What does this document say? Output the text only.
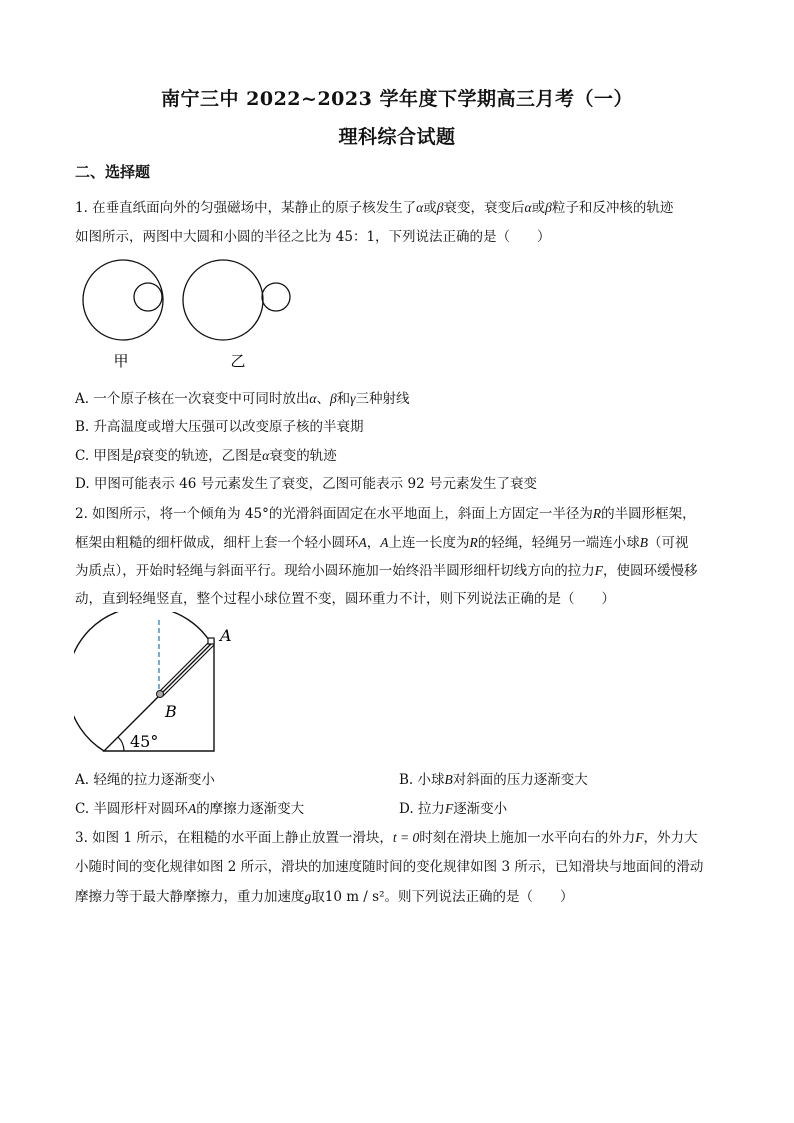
南宁三中 2022~2023 学年度下学期高三月考（一）
理科综合试题
二、选择题
1. 在垂直纸面向外的匀强磁场中，某静止的原子核发生了α或β衰变，衰变后α或β粒子和反冲核的轨迹
如图所示，两图中大圆和小圆的半径之比为 45：1，下列说法正确的是（　　）
甲	乙
A. 一个原子核在一次衰变中可同时放出α、β和γ三种射线
B. 升高温度或增大压强可以改变原子核的半衰期
C. 甲图是β衰变的轨迹，乙图是α衰变的轨迹
D. 甲图可能表示 46 号元素发生了衰变，乙图可能表示 92 号元素发生了衰变
2. 如图所示，将一个倾角为 45°的光滑斜面固定在水平地面上，斜面上方固定一半径为R的半圆形框架，
框架由粗糙的细杆做成，细杆上套一个轻小圆环A，A上连一长度为R的轻绳，轻绳另一端连小球B（可视
为质点），开始时轻绳与斜面平行。现给小圆环施加一始终沿半圆形细杆切线方向的拉力F，使圆环缓慢移
动，直到轻绳竖直，整个过程小球位置不变，圆环重力不计，则下列说法正确的是（　　）
A
B
45°
A. 轻绳的拉力逐渐变小	B. 小球B对斜面的压力逐渐变大
C. 半圆形杆对圆环A的摩擦力逐渐变大	D. 拉力F逐渐变小
3. 如图 1 所示，在粗糙的水平面上静止放置一滑块，t = 0时刻在滑块上施加一水平向右的外力F，外力大
小随时间的变化规律如图 2 所示，滑块的加速度随时间的变化规律如图 3 所示，已知滑块与地面间的滑动
摩擦力等于最大静摩擦力，重力加速度g取10 m / s²。则下列说法正确的是（　　）
